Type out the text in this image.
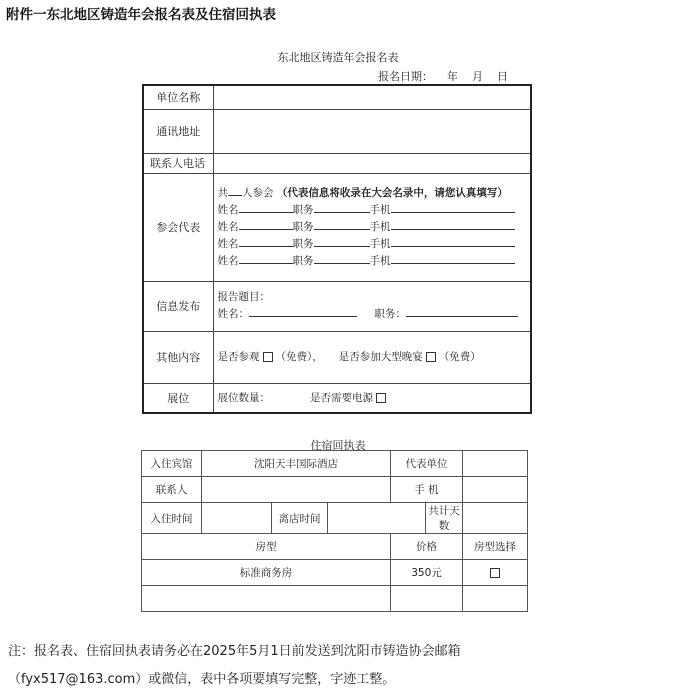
附件一东北地区铸造年会报名表及住宿回执表
东北地区铸造年会报名表
报名日期：    年    月    日
单位名称	
通讯地址	
联系人电话	
参会代表	共 人参会 （代表信息将收录在大会名录中，请您认真填写）
姓名 职务 手机
姓名 职务 手机
姓名 职务 手机
姓名 职务 手机

信息发布	报告题目：
姓名： 职务：

其他内容	是否参观 （免费）， 是否参加大型晚宴 （免费）
展位	展位数量： 是否需要电源
住宿回执表
入住宾馆	沈阳天丰国际酒店			代表单位		
联系人				手 机		
入住时间		离店时间			共计天数	
房型				价格		房型选择
标准商务房				350元		

注：报名表、住宿回执表请务必在2025年5月1日前发送到沈阳市铸造协会邮箱
（fyx517@163.com）或微信，表中各项要填写完整，字迹工整。
